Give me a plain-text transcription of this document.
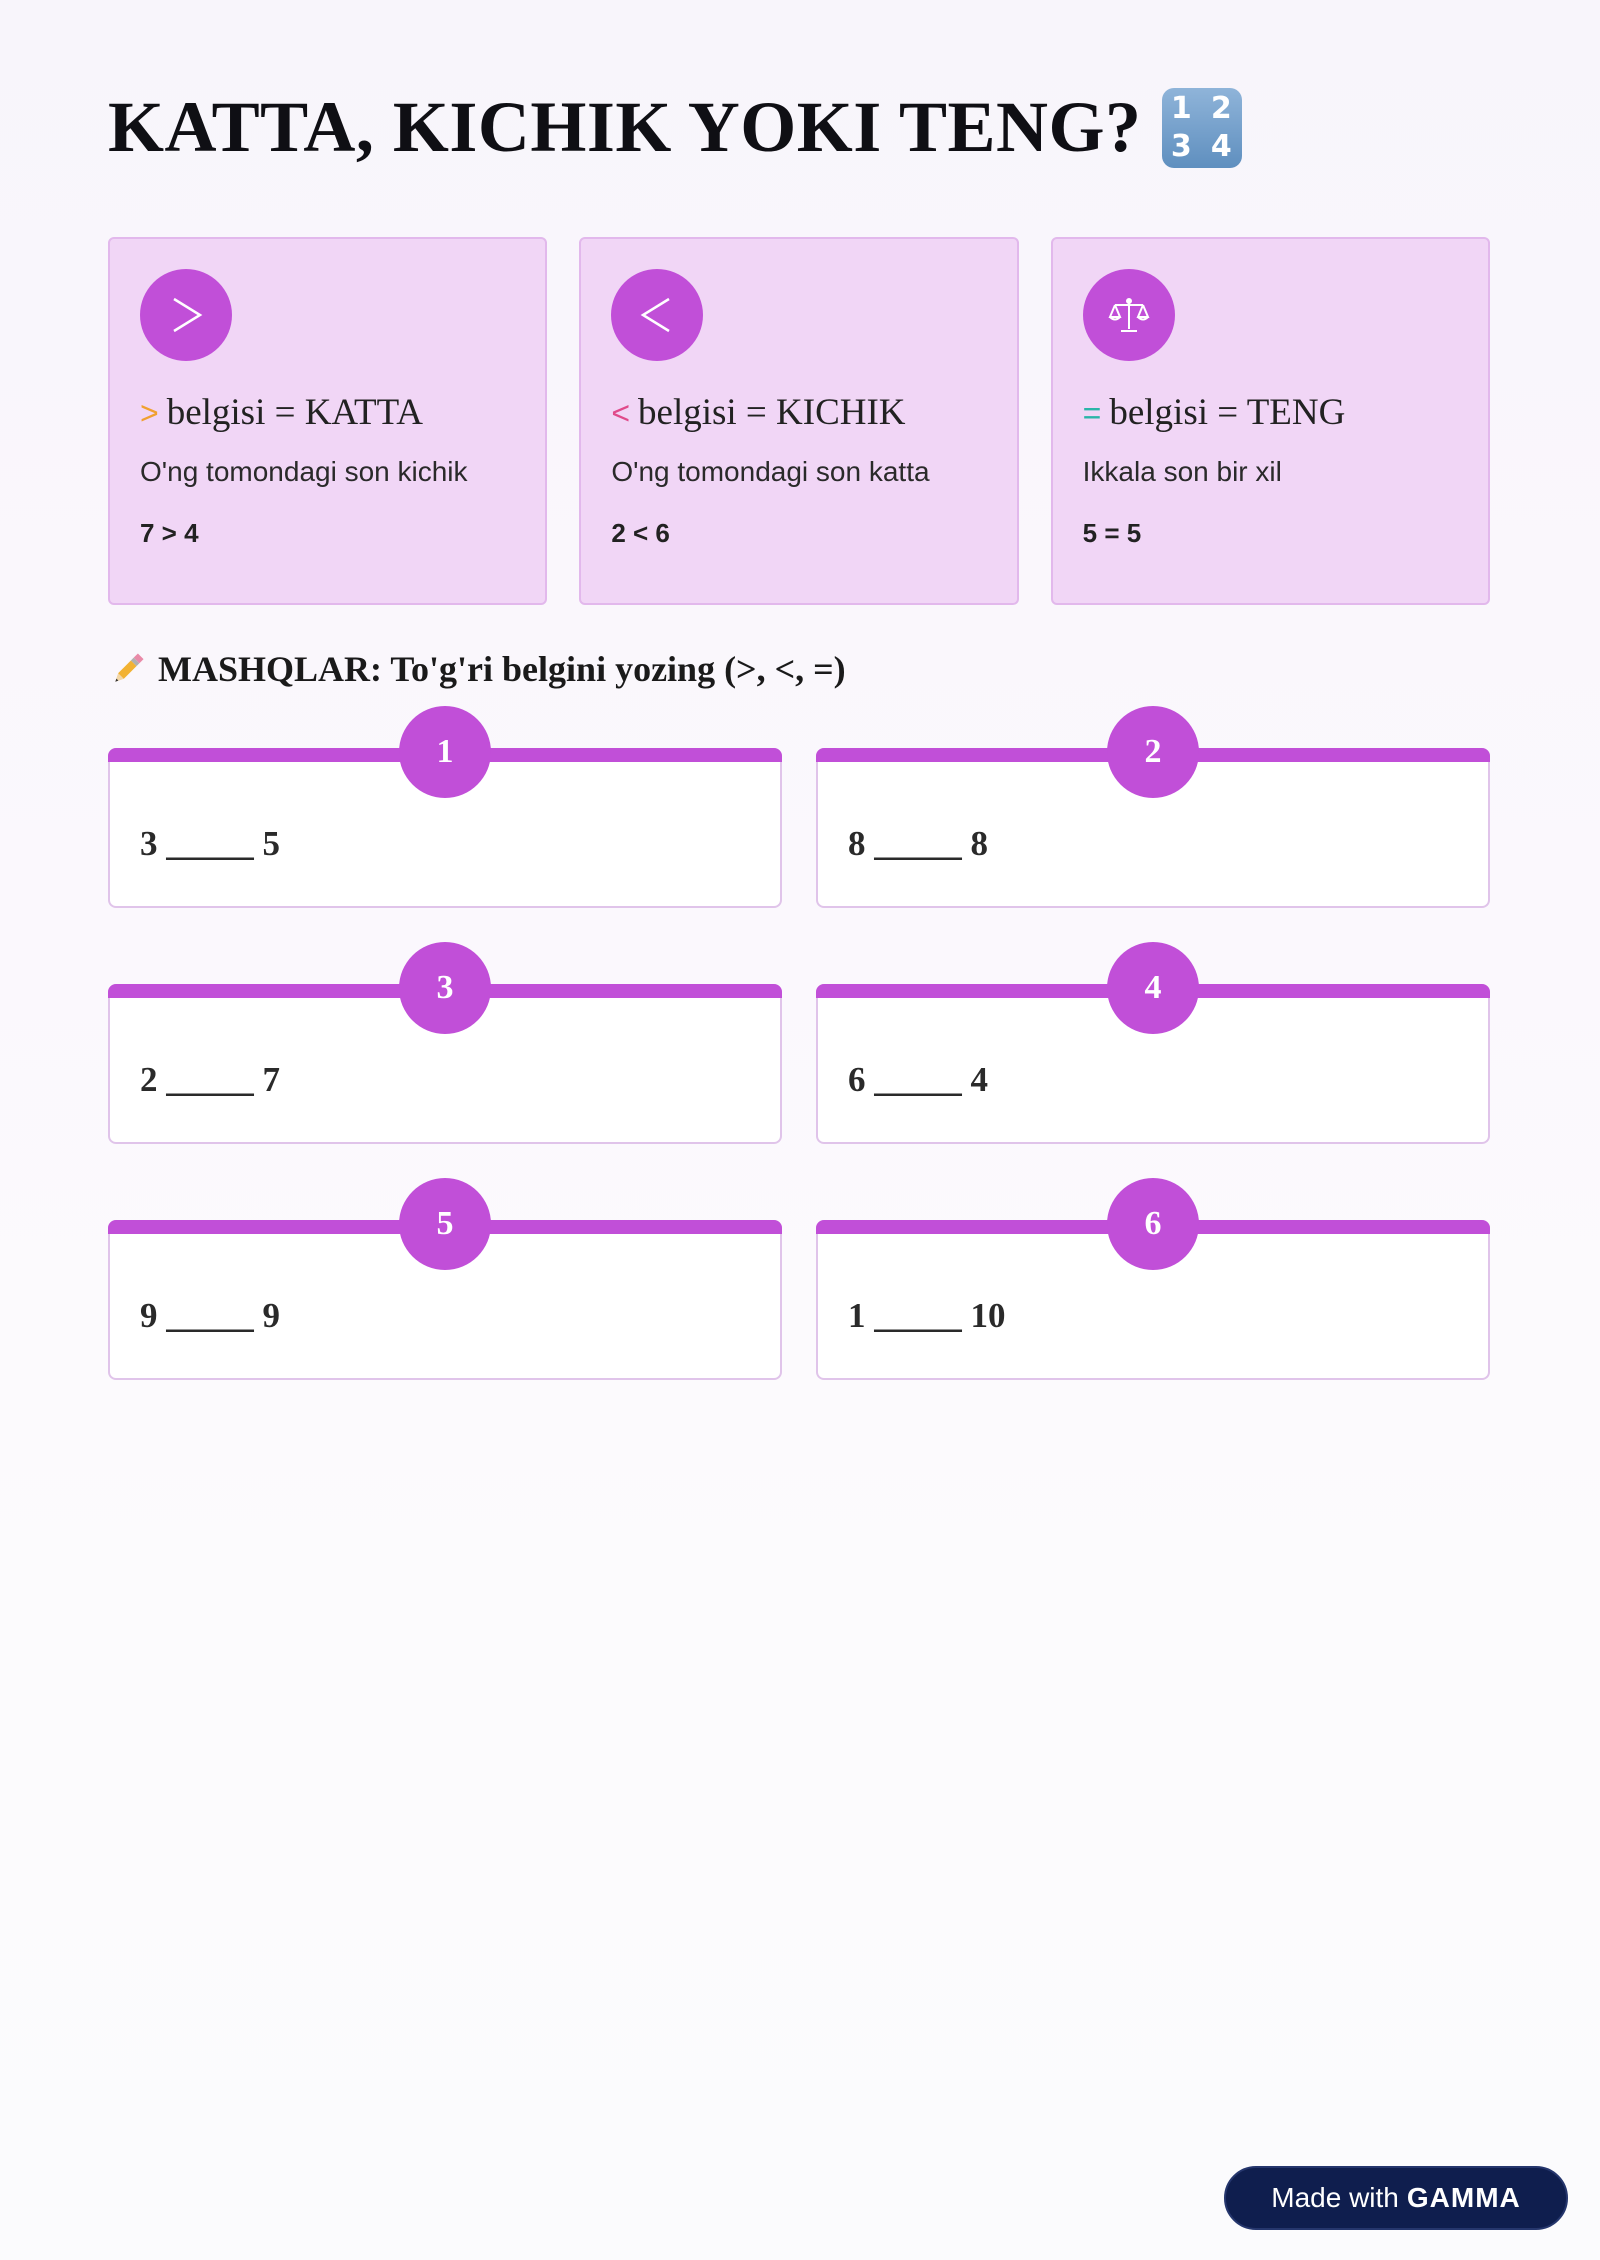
KATTA, KICHIK YOKI TENG? 1 2
3 4
> belgisi = KATTA
O'ng tomondagi son kichik
7 > 4
< belgisi = KICHIK
O'ng tomondagi son katta
2 < 6
= belgisi = TENG
Ikkala son bir xil
5 = 5
MASHQLAR: To'g'ri belgini yozing (>, <, =)
1
3 _____ 5
2
8 _____ 8
3
2 _____ 7
4
6 _____ 4
5
9 _____ 9
6
1 _____ 10
Made with GAMMA
